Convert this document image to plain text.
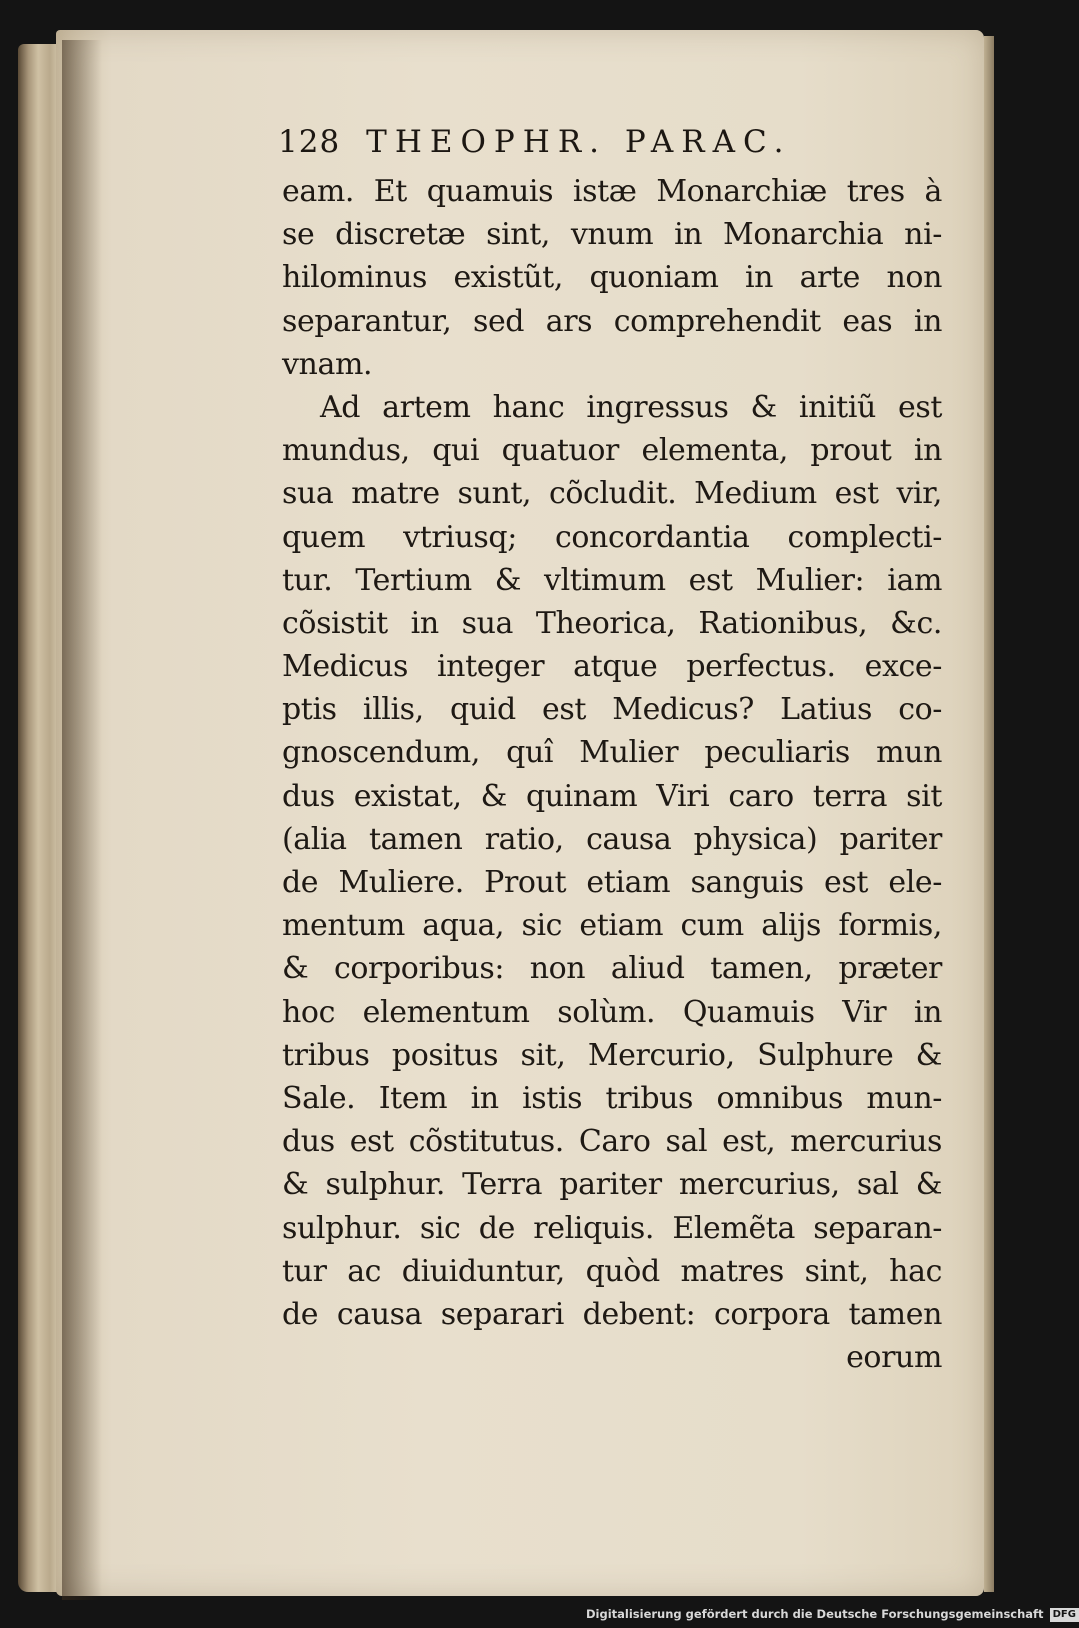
128 THEOPHR. PARAC.
eam. Et quamuis istæ Monarchiæ tres à
se discretæ sint, vnum in Monarchia ni-
hilominus existũt, quoniam in arte non
separantur, sed ars comprehendit eas in
vnam.
Ad artem hanc ingressus & initiũ est
mundus, qui quatuor elementa, prout in
sua matre sunt, cõcludit. Medium est vir,
quem vtriusq; concordantia complecti-
tur. Tertium & vltimum est Mulier: iam
cõsistit in sua Theorica, Rationibus, &c.
Medicus integer atque perfectus. exce-
ptis illis, quid est Medicus? Latius co-
gnoscendum, quî Mulier peculiaris mun
dus existat, & quinam Viri caro terra sit
(alia tamen ratio, causa physica) pariter
de Muliere. Prout etiam sanguis est ele-
mentum aqua, sic etiam cum alijs formis,
& corporibus: non aliud tamen, præter
hoc elementum solùm. Quamuis Vir in
tribus positus sit, Mercurio, Sulphure &
Sale. Item in istis tribus omnibus mun-
dus est cõstitutus. Caro sal est, mercurius
& sulphur. Terra pariter mercurius, sal &
sulphur. sic de reliquis. Elemẽta separan-
tur ac diuiduntur, quòd matres sint, hac
de causa separari debent: corpora tamen
eorum
Digitalisierung gefördert durch die Deutsche Forschungsgemeinschaft DFG
